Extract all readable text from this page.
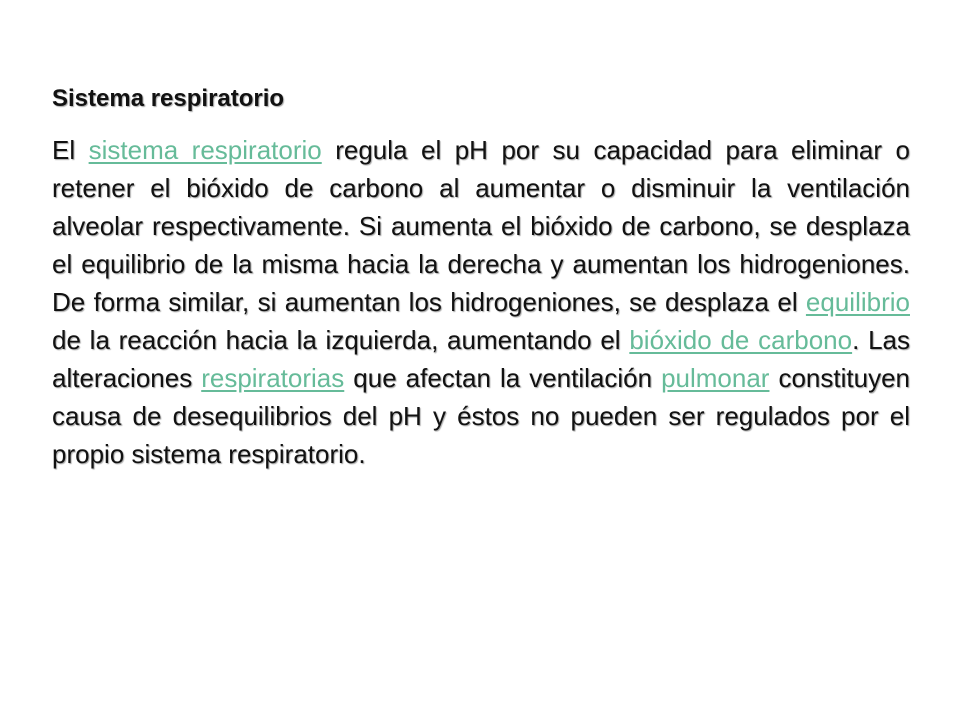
Sistema respiratorio

El sistema respiratorio regula el pH por su capacidad para eliminar o retener el bióxido de carbono al aumentar o disminuir la ventilación alveolar respectivamente. Si aumenta el bióxido de carbono, se desplaza el equilibrio de la misma hacia la derecha y aumentan los hidrogeniones. De forma similar, si aumentan los hidrogeniones, se desplaza el equilibrio de la reacción hacia la izquierda, aumentando el bióxido de carbono. Las alteraciones respiratorias que afectan la ventilación pulmonar constituyen causa de desequilibrios del pH y éstos no pueden ser regulados por el propio sistema respiratorio.
